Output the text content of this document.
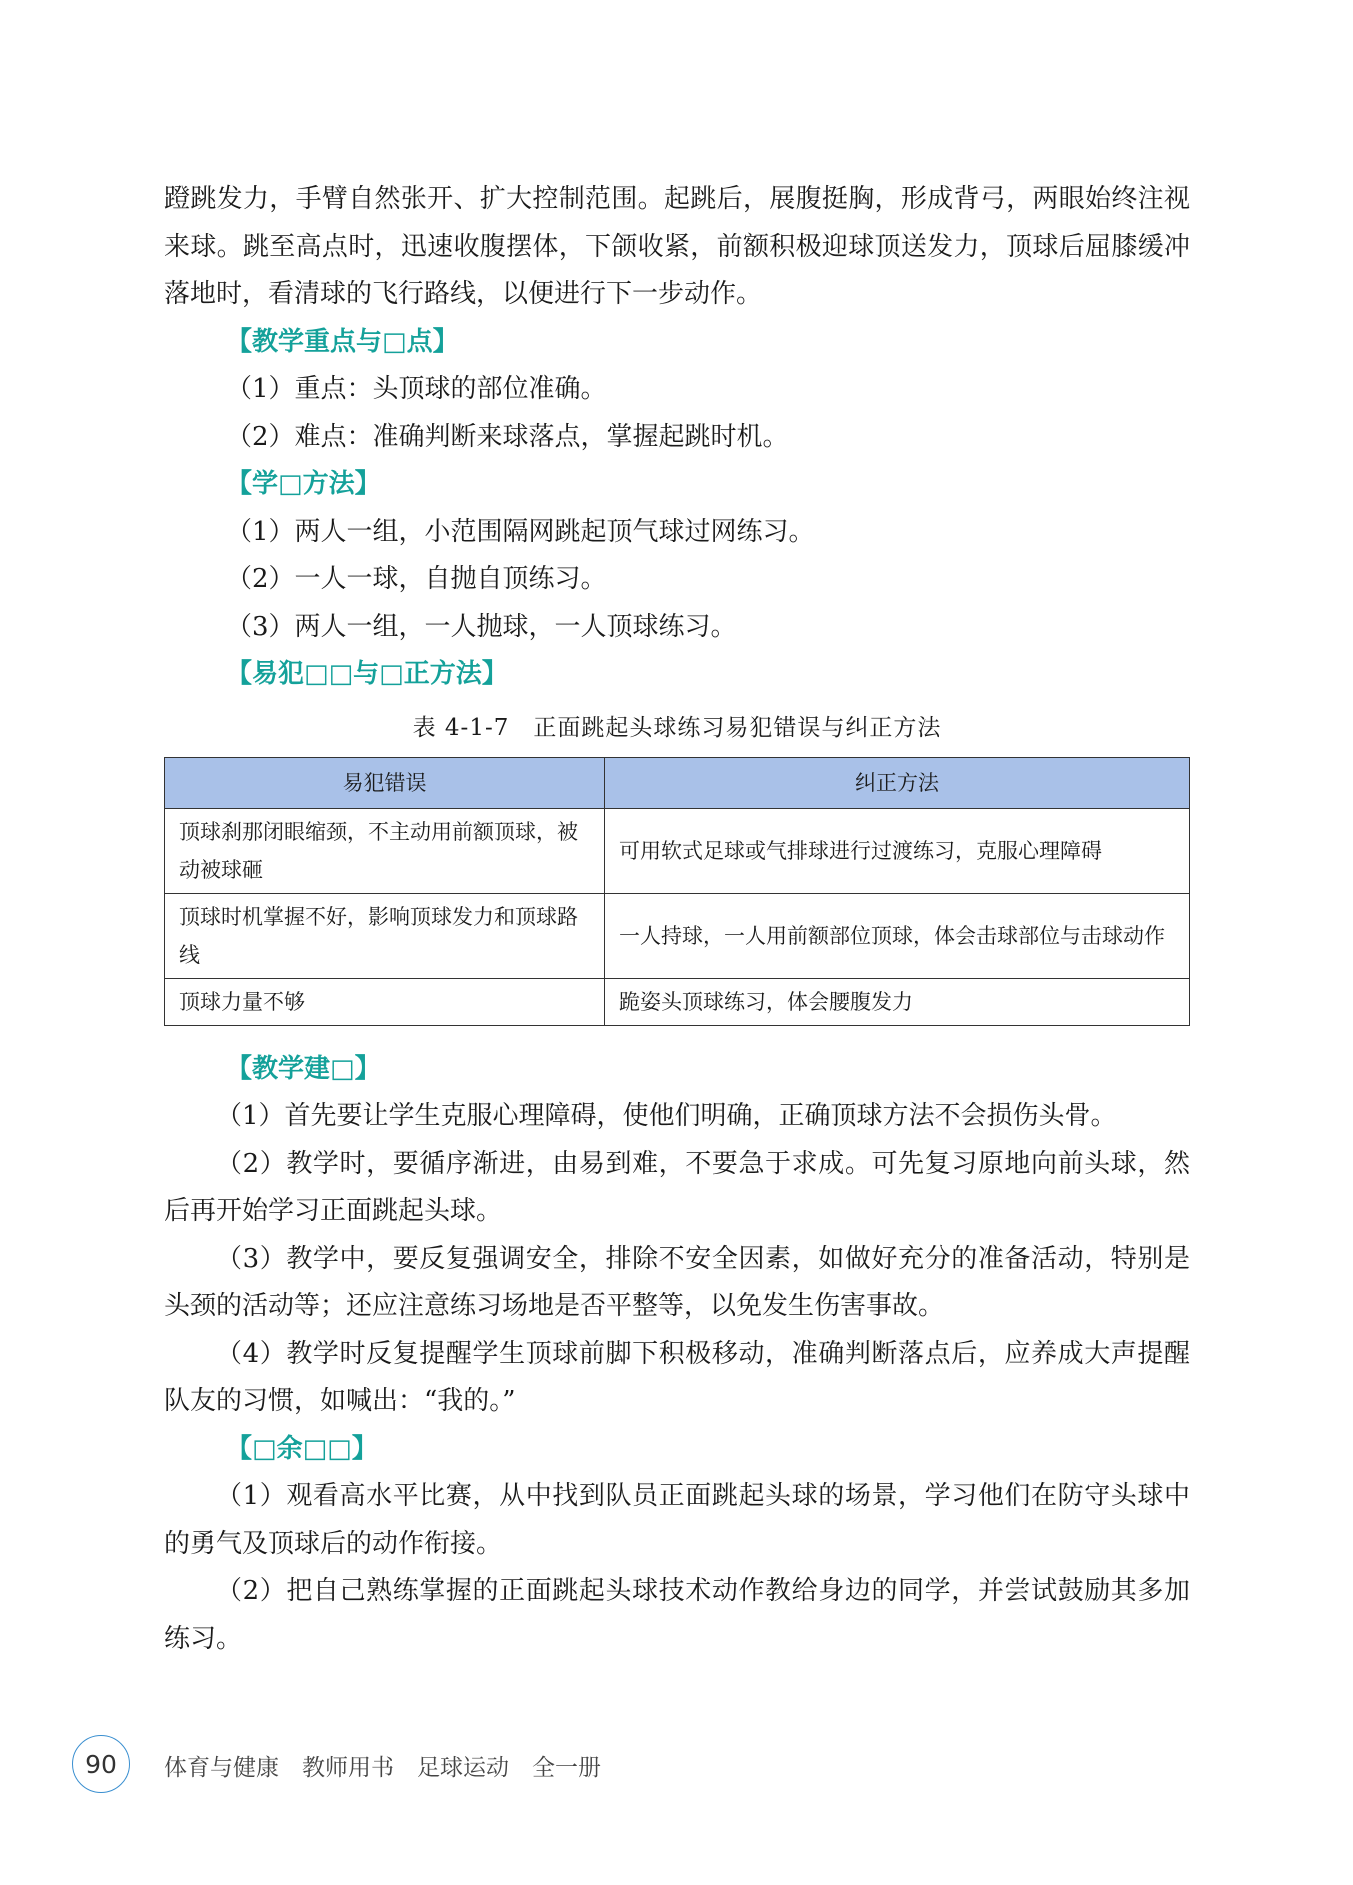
蹬跳发力，手臂自然张开、扩大控制范围。起跳后，展腹挺胸，形成背弓，两眼始终注视来球。跳至高点时，迅速收腹摆体，下颌收紧，前额积极迎球顶送发力，顶球后屈膝缓冲落地时，看清球的飞行路线，以便进行下一步动作。

【教学重点与□点】

（1）重点：头顶球的部位准确。

（2）难点：准确判断来球落点，掌握起跳时机。

【学□方法】

（1）两人一组，小范围隔网跳起顶气球过网练习。

（2）一人一球，自抛自顶练习。

（3）两人一组，一人抛球，一人顶球练习。

【易犯□□与□正方法】

表 4-1-7　正面跳起头球练习易犯错误与纠正方法
易犯错误	纠正方法
顶球刹那闭眼缩颈，不主动用前额顶球，被动被球砸	可用软式足球或气排球进行过渡练习，克服心理障碍
顶球时机掌握不好，影响顶球发力和顶球路线	一人持球，一人用前额部位顶球，体会击球部位与击球动作
顶球力量不够	跪姿头顶球练习，体会腰腹发力

【教学建□】

（1）首先要让学生克服心理障碍，使他们明确，正确顶球方法不会损伤头骨。

（2）教学时，要循序渐进，由易到难，不要急于求成。可先复习原地向前头球，然后再开始学习正面跳起头球。

（3）教学中，要反复强调安全，排除不安全因素，如做好充分的准备活动，特别是头颈的活动等；还应注意练习场地是否平整等，以免发生伤害事故。

（4）教学时反复提醒学生顶球前脚下积极移动，准确判断落点后，应养成大声提醒队友的习惯，如喊出：“我的。”

【□余□□】

（1）观看高水平比赛，从中找到队员正面跳起头球的场景，学习他们在防守头球中的勇气及顶球后的动作衔接。

（2）把自己熟练掌握的正面跳起头球技术动作教给身边的同学，并尝试鼓励其多加练习。

90	体育与健康　教师用书　足球运动　全一册
